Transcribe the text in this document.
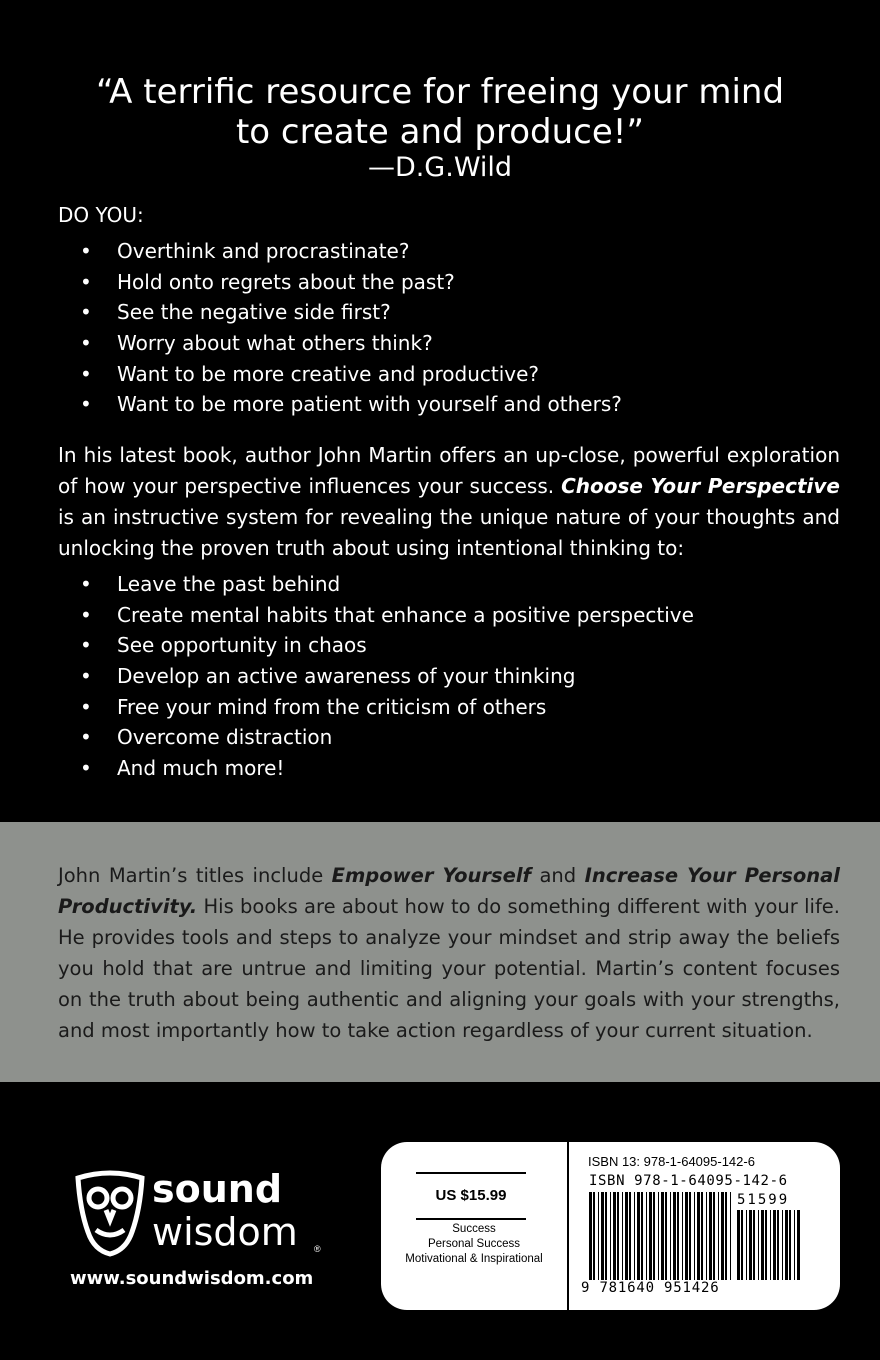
“A terrific resource for freeing your mind
to create and produce!”
—D.G.Wild
DO YOU:
• Overthink and procrastinate?
• Hold onto regrets about the past?
• See the negative side first?
• Worry about what others think?
• Want to be more creative and productive?
• Want to be more patient with yourself and others?
In his latest book, author John Martin offers an up-close, powerful exploration of how your perspective influences your success. Choose Your Perspective is an instructive system for revealing the unique nature of your thoughts and unlocking the proven truth about using intentional thinking to:
• Leave the past behind
• Create mental habits that enhance a positive perspective
• See opportunity in chaos
• Develop an active awareness of your thinking
• Free your mind from the criticism of others
• Overcome distraction
• And much more!
John Martin’s titles include Empower Yourself and Increase Your Personal Productivity. His books are about how to do something different with your life. He provides tools and steps to analyze your mindset and strip away the beliefs you hold that are untrue and limiting your potential. Martin’s content focuses on the truth about being authentic and aligning your goals with your strengths, and most importantly how to take action regardless of your current situation.
®
sound
wisdom
www.soundwisdom.com
US $15.99
Success
Personal Success
Motivational & Inspirational
ISBN 13: 978-1-64095-142-6
ISBN 978-1-64095-142-6
51599
9 781640 951426
